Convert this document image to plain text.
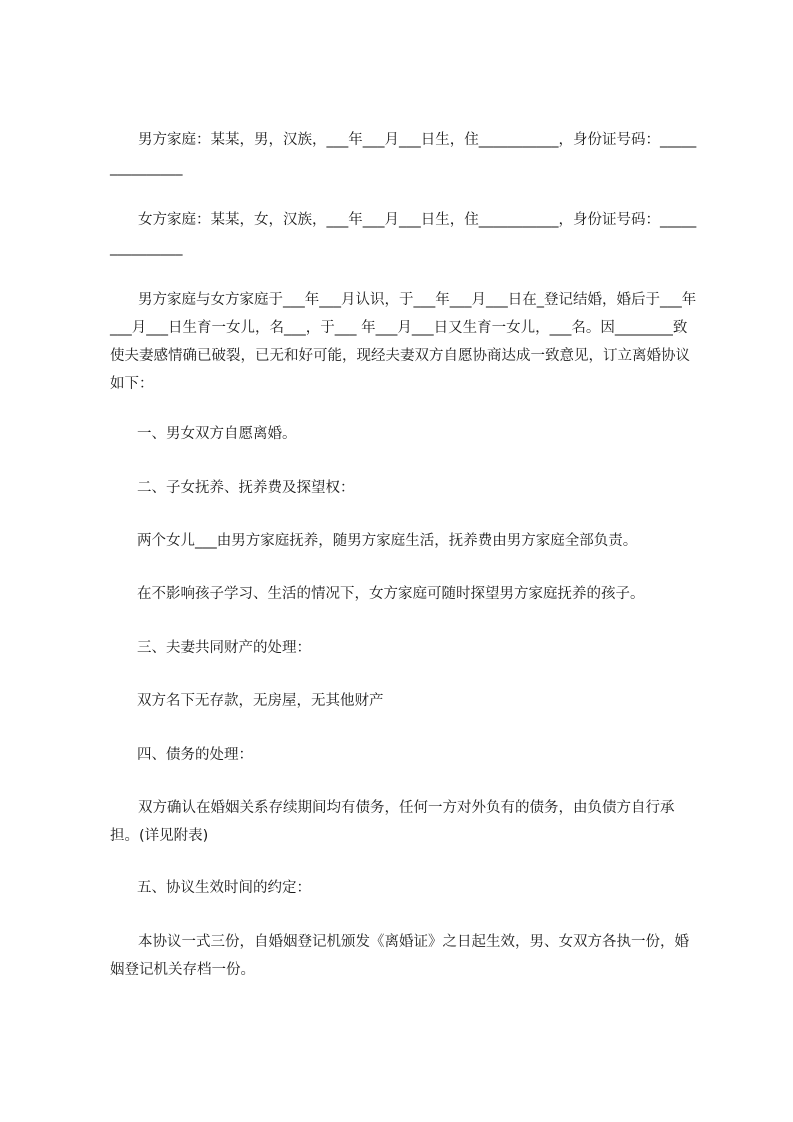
男方家庭：某某，男，汉族，___年___月___日生，住___________，身份证号码：_______________

女方家庭：某某，女，汉族，___年___月___日生，住___________，身份证号码：_______________

男方家庭与女方家庭于___年___月认识，于___年___月___日在_登记结婚，婚后于___年___月___日生育一女儿，名___，于___ 年___月___日又生育一女儿，___名。因________致使夫妻感情确已破裂，已无和好可能，现经夫妻双方自愿协商达成一致意见，订立离婚协议如下：

一、男女双方自愿离婚。

二、子女抚养、抚养费及探望权：

两个女儿___由男方家庭抚养，随男方家庭生活，抚养费由男方家庭全部负责。

在不影响孩子学习、生活的情况下，女方家庭可随时探望男方家庭抚养的孩子。

三、夫妻共同财产的处理：

双方名下无存款，无房屋，无其他财产

四、债务的处理：

双方确认在婚姻关系存续期间均有债务，任何一方对外负有的债务，由负债方自行承担。(详见附表)

五、协议生效时间的约定：

本协议一式三份，自婚姻登记机颁发《离婚证》之日起生效，男、女双方各执一份，婚姻登记机关存档一份。
